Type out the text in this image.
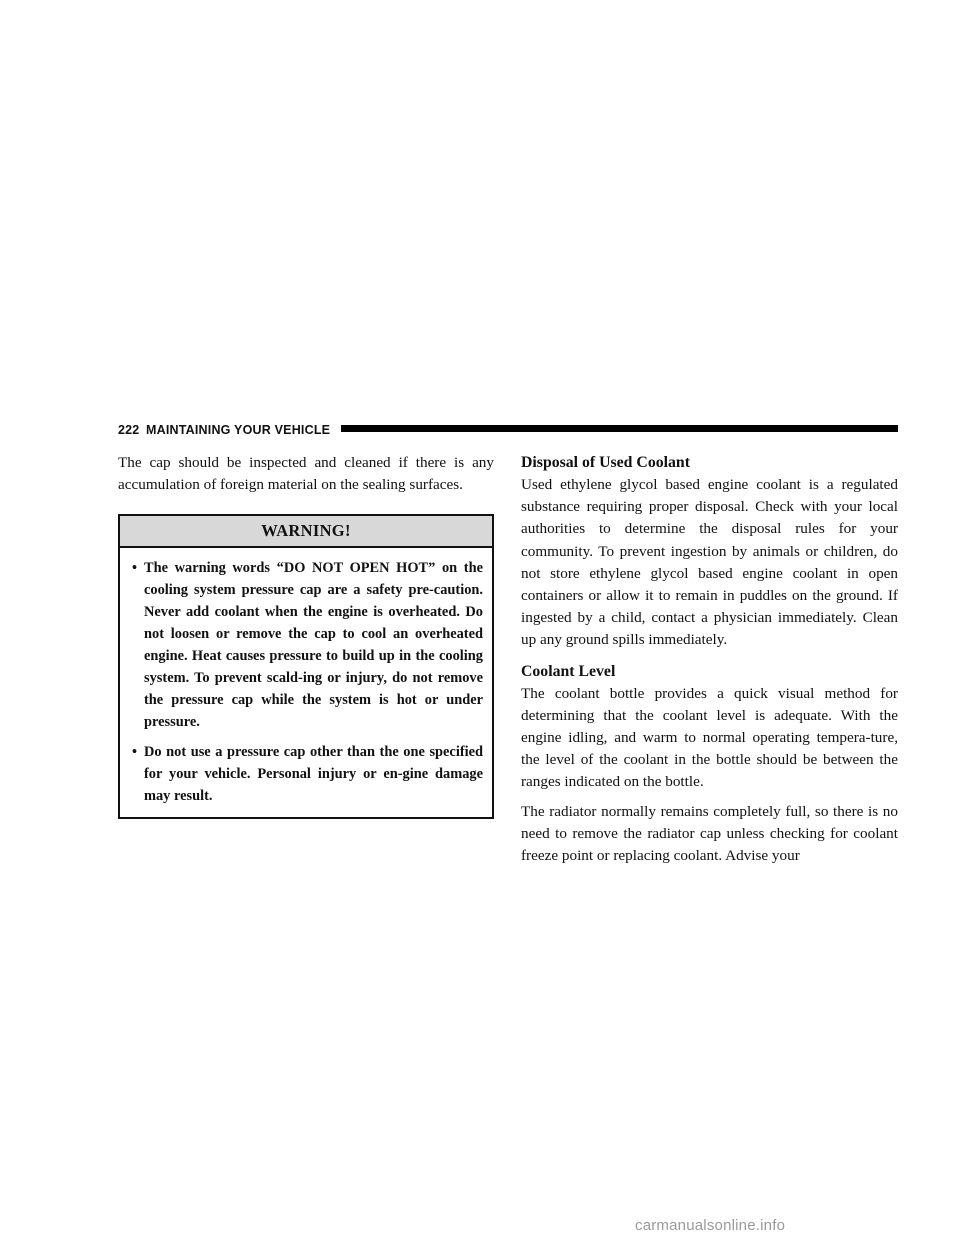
222 MAINTAINING YOUR VEHICLE

The cap should be inspected and cleaned if there is any accumulation of foreign material on the sealing surfaces.

WARNING!
• The warning words “DO NOT OPEN HOT” on the cooling system pressure cap are a safety pre-caution. Never add coolant when the engine is overheated. Do not loosen or remove the cap to cool an overheated engine. Heat causes pressure to build up in the cooling system. To prevent scald-ing or injury, do not remove the pressure cap while the system is hot or under pressure.
• Do not use a pressure cap other than the one specified for your vehicle. Personal injury or en-gine damage may result.
Disposal of Used Coolant

Used ethylene glycol based engine coolant is a regulated substance requiring proper disposal. Check with your local authorities to determine the disposal rules for your community. To prevent ingestion by animals or children, do not store ethylene glycol based engine coolant in open containers or allow it to remain in puddles on the ground. If ingested by a child, contact a physician immediately. Clean up any ground spills immediately.

Coolant Level

The coolant bottle provides a quick visual method for determining that the coolant level is adequate. With the engine idling, and warm to normal operating tempera-ture, the level of the coolant in the bottle should be between the ranges indicated on the bottle.

The radiator normally remains completely full, so there is no need to remove the radiator cap unless checking for coolant freeze point or replacing coolant. Advise your

carmanualsonline.info
